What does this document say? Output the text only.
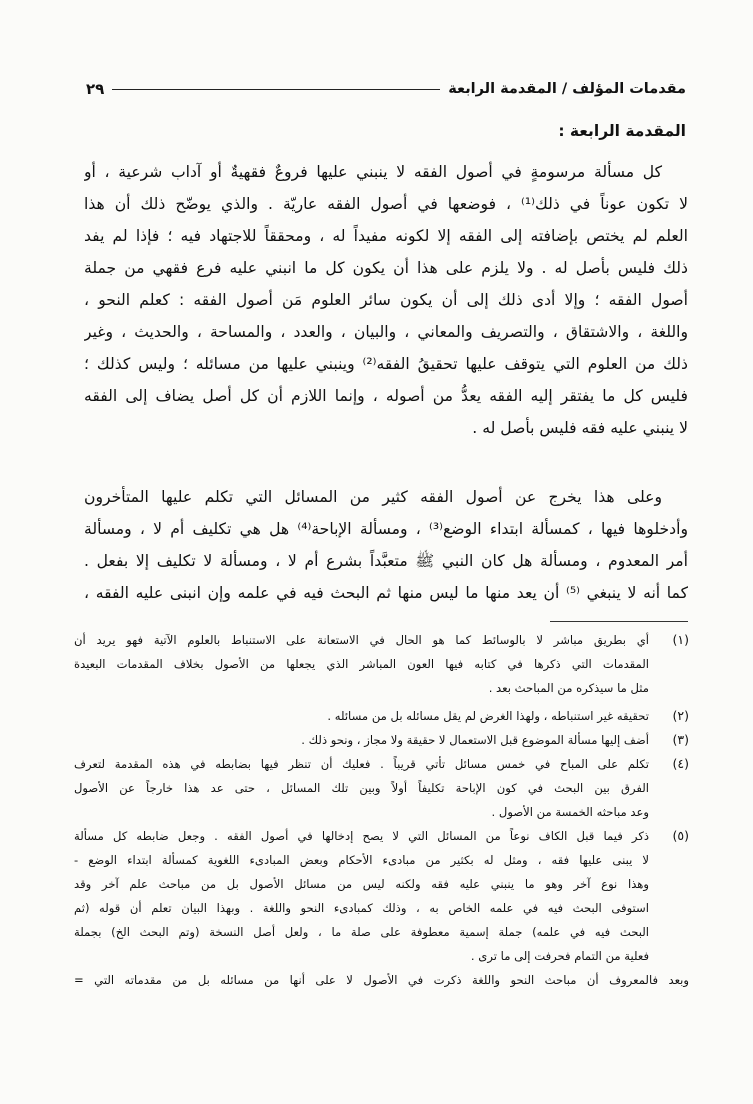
مقدمات المؤلف / المقدمة الرابعة
٢٩
المقدمة الرابعة :
كل مسألة مرسومةٍ في أصول الفقه لا ينبني عليها فروعٌ فقهيةٌ أو آداب شرعية ، أو
لا تكون عوناً في ذلك⁽¹⁾ ، فوضعها في أصول الفقه عاريّة . والذي يوضّح ذلك أن هذا
العلم لم يختص بإضافته إلى الفقه إلا لكونه مفيداً له ، ومحققاً للاجتهاد فيه ؛ فإذا لم يفد
ذلك فليس بأصل له . ولا يلزم على هذا أن يكون كل ما انبني عليه فرع فقهي من جملة
أصول الفقه ؛ وإلا أدى ذلك إلى أن يكون سائر العلوم مَن أصول الفقه : كعلم النحو ،
واللغة ، والاشتقاق ، والتصريف والمعاني ، والبيان ، والعدد ، والمساحة ، والحديث ، وغير
ذلك من العلوم التي يتوقف عليها تحقيقُ الفقه⁽²⁾ وينبني عليها من مسائله ؛ وليس كذلك ؛
فليس كل ما يفتقر إليه الفقه يعدُّ من أصوله ، وإنما اللازم أن كل أصل يضاف إلى الفقه
لا ينبني عليه فقه فليس بأصل له .
وعلى هذا يخرج عن أصول الفقه كثير من المسائل التي تكلم عليها المتأخرون
وأدخلوها فيها ، كمسألة ابتداء الوضع⁽³⁾ ، ومسألة الإباحة⁽⁴⁾ هل هي تكليف أم لا ، ومسألة
أمر المعدوم ، ومسألة هل كان النبي ﷺ متعبَّداً بشرع أم لا ، ومسألة لا تكليف إلا بفعل .
كما أنه لا ينبغي ⁽⁵⁾ أن يعد منها ما ليس منها ثم البحث فيه في علمه وإن انبنى عليه الفقه ،
(١)
أي بطريق مباشر لا بالوسائط كما هو الحال في الاستعانة على الاستنباط بالعلوم الآتية فهو يريد أن
المقدمات التي ذكرها في كتابه فيها العون المباشر الذي يجعلها من الأصول بخلاف المقدمات البعيدة
مثل ما سيذكره من المباحث بعد .
(٢)
تحقيقه غير استنباطه ، ولهذا الغرض لم يقل مسائله بل من مسائله .
(٣)
أضف إليها مسألة الموضوع قبل الاستعمال لا حقيقة ولا مجاز ، ونحو ذلك .
(٤)
تكلم على المباح في خمس مسائل تأتي قريباً . فعليك أن تنظر فيها بضابطه في هذه المقدمة لتعرف
الفرق بين البحث في كون الإباحة تكليفاً أولاً وبين تلك المسائل ، حتى عد هذا خارجاً عن الأصول
وعد مباحثه الخمسة من الأصول .
(٥)
ذكر فيما قبل الكاف نوعاً من المسائل التي لا يصح إدخالها في أصول الفقه . وجعل ضابطه كل مسألة
لا يبنى عليها فقه ، ومثل له بكثير من مبادىء الأحكام وبعض المبادىء اللغوية كمسألة ابتداء الوضع -
وهذا نوع آخر وهو ما ينبني عليه فقه ولكنه ليس من مسائل الأصول بل من مباحث علم آخر وقد
استوفى البحث فيه في علمه الخاص به ، وذلك كمبادىء النحو واللغة . وبهذا البيان تعلم أن قوله (ثم
البحث فيه في علمه) جملة إسمية معطوفة على صلة ما ، ولعل أصل النسخة (وتم البحث الخ) بجملة
فعلية من التمام فحرفت إلى ما ترى .
وبعد فالمعروف أن مباحث النحو واللغة ذكرت في الأصول لا على أنها من مسائله بل من مقدماته التي =
